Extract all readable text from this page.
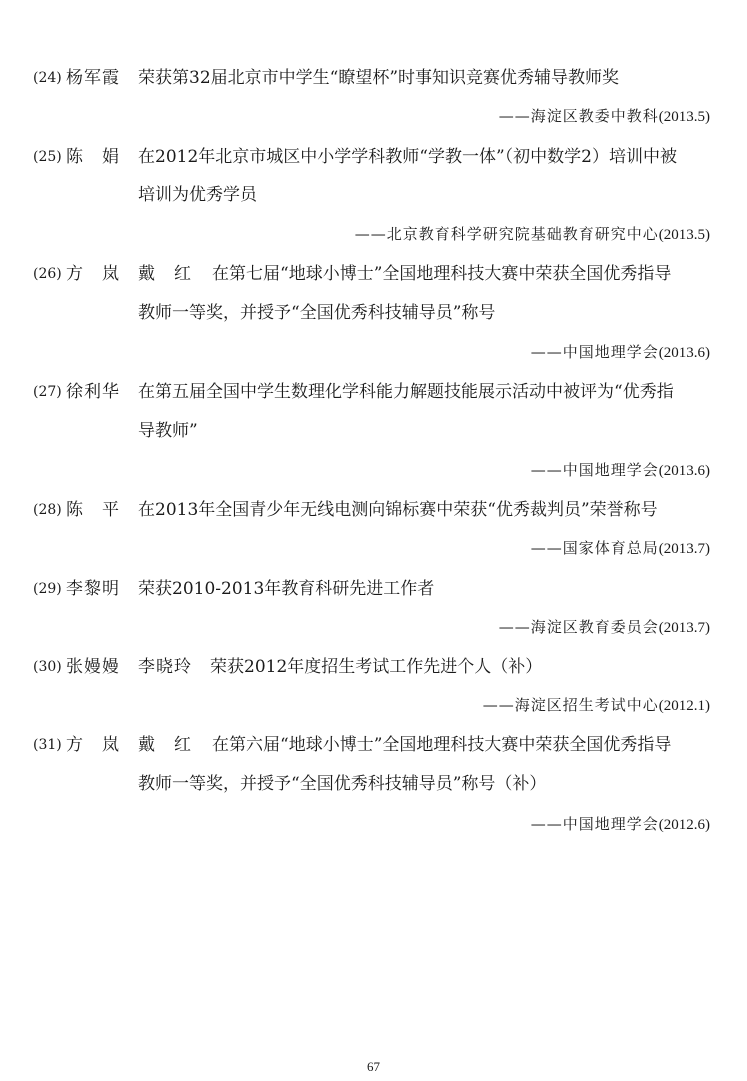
(24) 杨军霞 荣获第32届北京市中学生“瞭望杯”时事知识竞赛优秀辅导教师奖
——海淀区教委中教科(2013.5)
(25) 陈　娟 在2012年北京市城区中小学学科教师“学教一体”（初中数学2）培训中被
培训为优秀学员
——北京教育科学研究院基础教育研究中心(2013.5)
(26) 方　岚　戴　红 在第七届“地球小博士”全国地理科技大赛中荣获全国优秀指导
教师一等奖，并授予“全国优秀科技辅导员”称号
——中国地理学会(2013.6)
(27) 徐利华 在第五届全国中学生数理化学科能力解题技能展示活动中被评为“优秀指
导教师”
——中国地理学会(2013.6)
(28) 陈　平 在2013年全国青少年无线电测向锦标赛中荣获“优秀裁判员”荣誉称号
——国家体育总局(2013.7)
(29) 李黎明 荣获2010-2013年教育科研先进工作者
——海淀区教育委员会(2013.7)
(30) 张嫚嫚　李晓玲 荣获2012年度招生考试工作先进个人（补）
——海淀区招生考试中心(2012.1)
(31) 方　岚　戴　红 在第六届“地球小博士”全国地理科技大赛中荣获全国优秀指导
教师一等奖，并授予“全国优秀科技辅导员”称号（补）
——中国地理学会(2012.6)
67
